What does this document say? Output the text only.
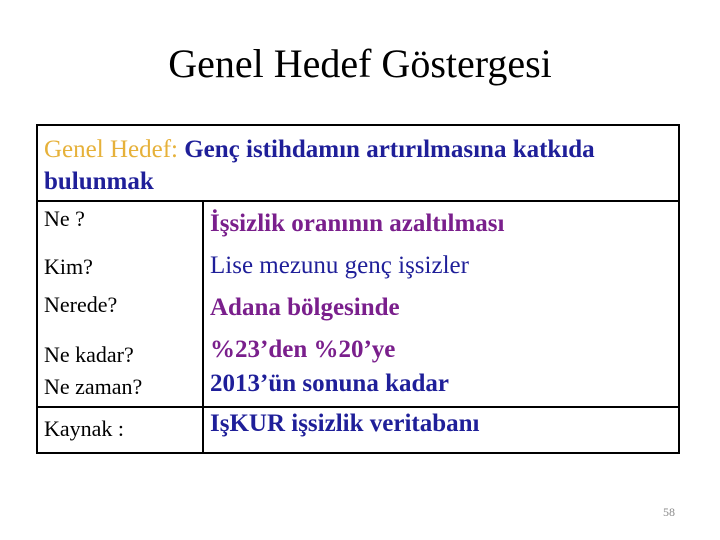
Genel Hedef Göstergesi
Genel Hedef: Genç istihdamın artırılmasına katkıda
bulunmak
Ne ?	İşsizlik oranının azaltılması
Kim?	Lise mezunu genç işsizler
Nerede?	Adana bölgesinde
Ne kadar?	%23’den %20’ye
Ne zaman?	2013’ün sonuna kadar
Kaynak :	IşKUR işsizlik veritabanı
58
